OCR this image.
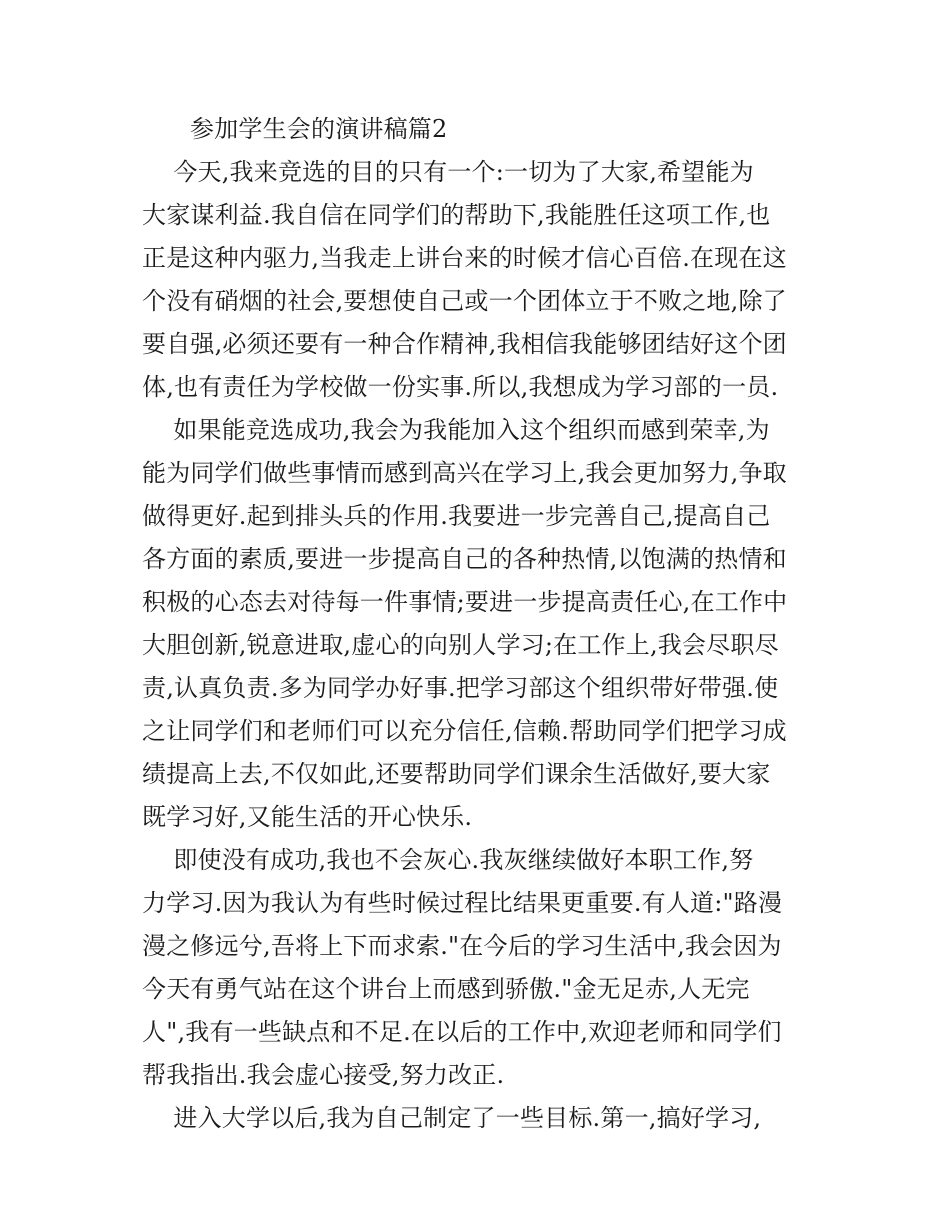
参加学生会的演讲稿篇2
今天,我来竞选的目的只有一个:一切为了大家,希望能为
大家谋利益.我自信在同学们的帮助下,我能胜任这项工作,也
正是这种内驱力,当我走上讲台来的时候才信心百倍.在现在这
个没有硝烟的社会,要想使自己或一个团体立于不败之地,除了
要自强,必须还要有一种合作精神,我相信我能够团结好这个团
体,也有责任为学校做一份实事.所以,我想成为学习部的一员.
如果能竞选成功,我会为我能加入这个组织而感到荣幸,为
能为同学们做些事情而感到高兴在学习上,我会更加努力,争取
做得更好.起到排头兵的作用.我要进一步完善自己,提高自己
各方面的素质,要进一步提高自己的各种热情,以饱满的热情和
积极的心态去对待每一件事情;要进一步提高责任心,在工作中
大胆创新,锐意进取,虚心的向别人学习;在工作上,我会尽职尽
责,认真负责.多为同学办好事.把学习部这个组织带好带强.使
之让同学们和老师们可以充分信任,信赖.帮助同学们把学习成
绩提高上去,不仅如此,还要帮助同学们课余生活做好,要大家
既学习好,又能生活的开心快乐.
即使没有成功,我也不会灰心.我灰继续做好本职工作,努
力学习.因为我认为有些时候过程比结果更重要.有人道:"路漫
漫之修远兮,吾将上下而求索."在今后的学习生活中,我会因为
今天有勇气站在这个讲台上而感到骄傲."金无足赤,人无完
人",我有一些缺点和不足.在以后的工作中,欢迎老师和同学们
帮我指出.我会虚心接受,努力改正.
进入大学以后,我为自己制定了一些目标.第一,搞好学习,
